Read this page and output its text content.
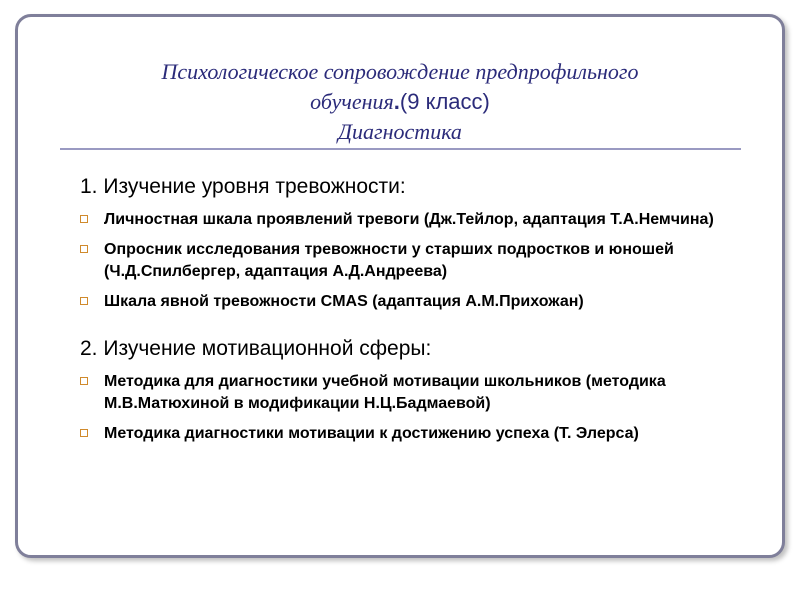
Психологическое сопровождение предпрофильного
обучения.(9 класс)
Диагностика
1. Изучение уровня тревожности:
Личностная шкала проявлений тревоги (Дж.Тейлор, адаптация Т.А.Немчина)
Опросник исследования тревожности у старших подростков и юношей (Ч.Д.Спилбергер, адаптация А.Д.Андреева)
Шкала явной тревожности CMAS (адаптация А.М.Прихожан)
2. Изучение мотивационной сферы:
Методика для диагностики учебной мотивации школьников (методика М.В.Матюхиной в модификации Н.Ц.Бадмаевой)
Методика диагностики мотивации к достижению успеха (Т. Элерса)
